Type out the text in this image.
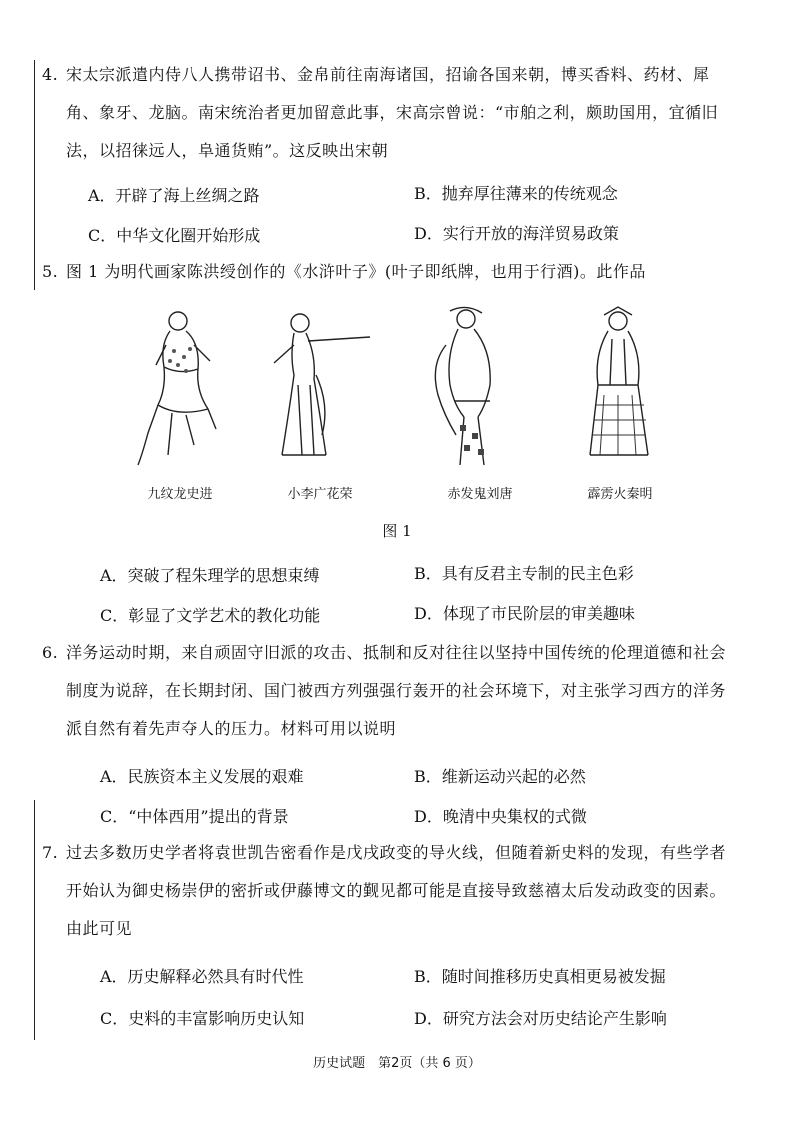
4. 宋太宗派遣内侍八人携带诏书、金帛前往南海诸国，招谕各国来朝，博买香料、药材、犀角、象牙、龙脑。南宋统治者更加留意此事，宋高宗曾说：“市舶之利，颇助国用，宜循旧法，以招徕远人，阜通货贿”。这反映出宋朝
A．开辟了海上丝绸之路	B．抛弃厚往薄来的传统观念
C．中华文化圈开始形成	D．实行开放的海洋贸易政策
5. 图 1 为明代画家陈洪绶创作的《水浒叶子》(叶子即纸牌，也用于行酒)。此作品
九纹龙史进	小李广花荣	赤发鬼刘唐	霹雳火秦明
图 1
A．突破了程朱理学的思想束缚	B．具有反君主专制的民主色彩
C．彰显了文学艺术的教化功能	D．体现了市民阶层的审美趣味
6. 洋务运动时期，来自顽固守旧派的攻击、抵制和反对往往以坚持中国传统的伦理道德和社会制度为说辞，在长期封闭、国门被西方列强强行轰开的社会环境下，对主张学习西方的洋务派自然有着先声夺人的压力。材料可用以说明
A．民族资本主义发展的艰难	B．维新运动兴起的必然
C．“中体西用”提出的背景	D．晚清中央集权的式微
7. 过去多数历史学者将袁世凯告密看作是戊戌政变的导火线，但随着新史料的发现，有些学者开始认为御史杨崇伊的密折或伊藤博文的觐见都可能是直接导致慈禧太后发动政变的因素。由此可见
A．历史解释必然具有时代性	B．随时间推移历史真相更易被发掘
C．史料的丰富影响历史认知	D．研究方法会对历史结论产生影响
历史试题　第2页（共 6 页）
